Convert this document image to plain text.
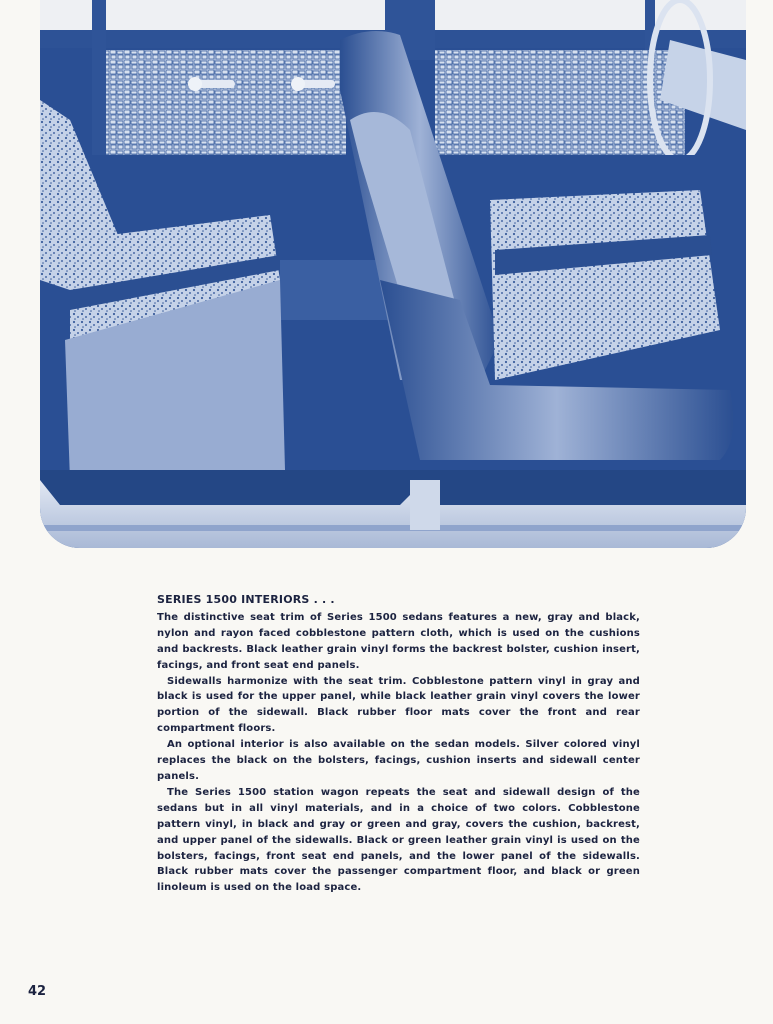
SERIES 1500 INTERIORS . . .

The distinctive seat trim of Series 1500 sedans features a new, gray and black, nylon and rayon faced cobblestone pattern cloth, which is used on the cushions and backrests. Black leather grain vinyl forms the backrest bolster, cushion insert, facings, and front seat end panels.

Sidewalls harmonize with the seat trim. Cobblestone pattern vinyl in gray and black is used for the upper panel, while black leather grain vinyl covers the lower portion of the sidewall. Black rubber floor mats cover the front and rear compartment floors.

An optional interior is also available on the sedan models. Silver colored vinyl replaces the black on the bolsters, facings, cushion inserts and sidewall center panels.

The Series 1500 station wagon repeats the seat and sidewall design of the sedans but in all vinyl materials, and in a choice of two colors. Cobblestone pattern vinyl, in black and gray or green and gray, covers the cushion, backrest, and upper panel of the sidewalls. Black or green leather grain vinyl is used on the bolsters, facings, front seat end panels, and the lower panel of the sidewalls. Black rubber mats cover the passenger compartment floor, and black or green linoleum is used on the load space.

42
